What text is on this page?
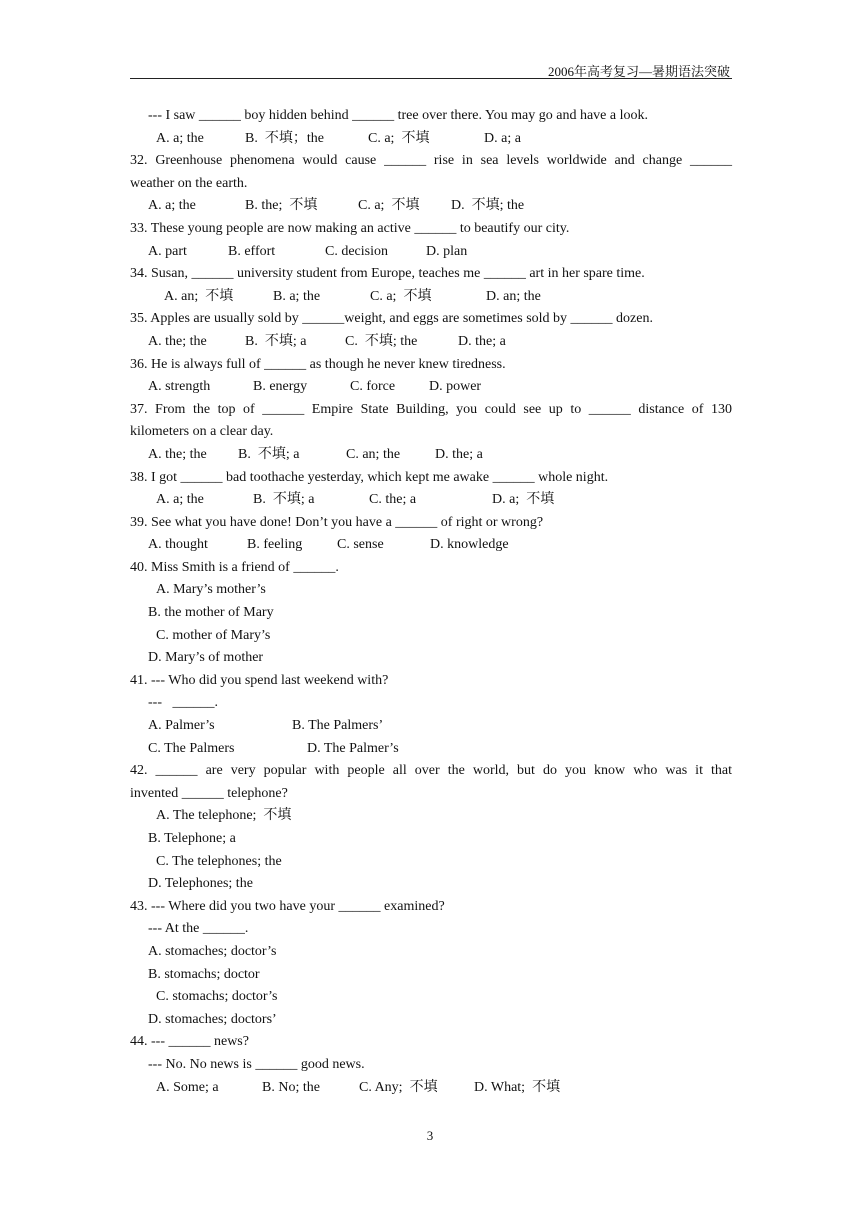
2006年高考复习—暑期语法突破
--- I saw ______ boy hidden behind ______ tree over there. You may go and have a look.
A. a; the	B.  不填；the	C. a;  不填	D. a; a
32. Greenhouse phenomena would cause ______ rise in sea levels worldwide and change ______
weather on the earth.
A. a; the	B. the;  不填	C. a;  不填	D.  不填; the
33. These young people are now making an active ______ to beautify our city.
A. part	B. effort	C. decision	D. plan
34. Susan, ______ university student from Europe, teaches me ______ art in her spare time.
A. an;  不填	B. a; the	C. a;  不填	D. an; the
35. Apples are usually sold by ______weight, and eggs are sometimes sold by ______ dozen.
A. the; the	B.  不填; a	C.  不填; the	D. the; a
36. He is always full of ______ as though he never knew tiredness.
A. strength	B. energy	C. force	D. power
37. From the top of ______ Empire State Building, you could see up to ______ distance of 130
kilometers on a clear day.
A. the; the	B.  不填; a	C. an; the	D. the; a
38. I got ______ bad toothache yesterday, which kept me awake ______ whole night.
A. a; the	B.  不填; a	C. the; a	D. a;  不填
39. See what you have done! Don’t you have a ______ of right or wrong?
A. thought	B. feeling	C. sense	D. knowledge
40. Miss Smith is a friend of ______.
A. Mary’s mother’s
B. the mother of Mary
C. mother of Mary’s
D. Mary’s of mother
41. --- Who did you spend last weekend with?
---   ______.
A. Palmer’s	B. The Palmers’
C. The Palmers	D. The Palmer’s
42. ______ are very popular with people all over the world, but do you know who was it that
invented ______ telephone?
A. The telephone;  不填
B. Telephone; a
C. The telephones; the
D. Telephones; the
43. --- Where did you two have your ______ examined?
--- At the ______.
A. stomaches; doctor’s
B. stomachs; doctor
C. stomachs; doctor’s
D. stomaches; doctors’
44. --- ______ news?
--- No. No news is ______ good news.
A. Some; a	B. No; the	C. Any;  不填	D. What;  不填
3
